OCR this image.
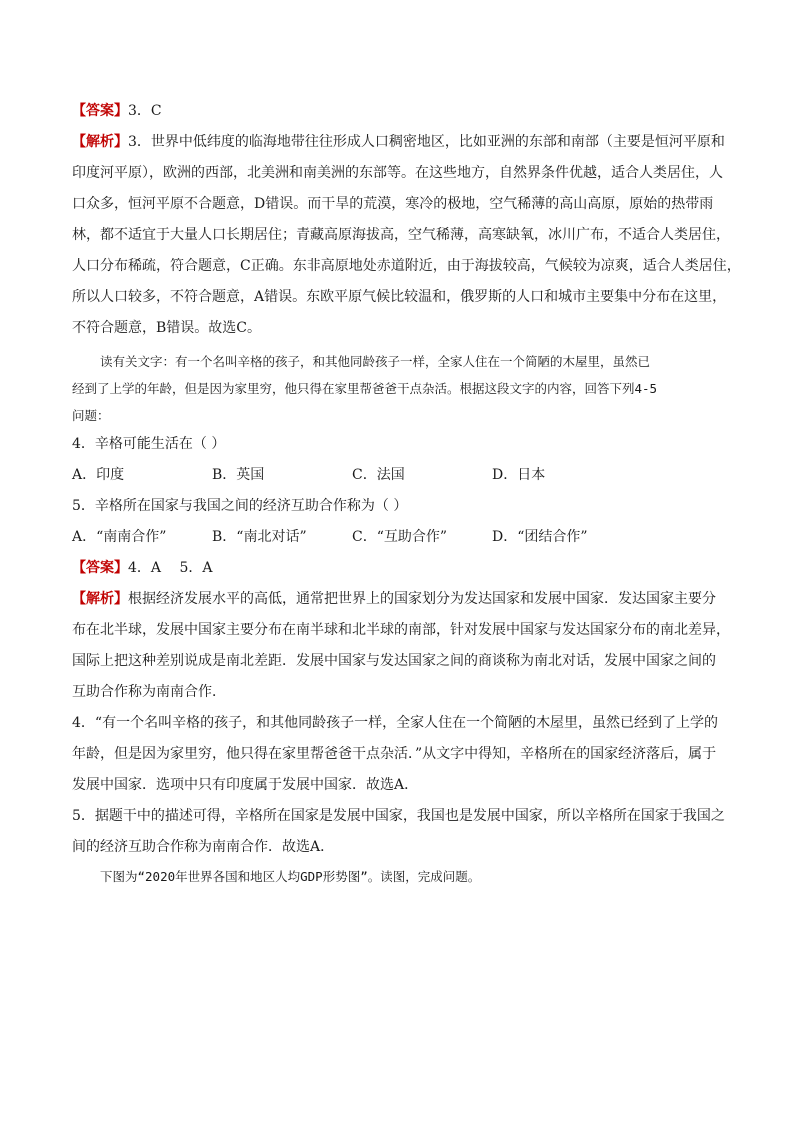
【答案】3．C
【解析】3．世界中低纬度的临海地带往往形成人口稠密地区，比如亚洲的东部和南部（主要是恒河平原和
印度河平原），欧洲的西部，北美洲和南美洲的东部等。在这些地方，自然界条件优越，适合人类居住，人
口众多，恒河平原不合题意，D错误。而干旱的荒漠，寒冷的极地，空气稀薄的高山高原，原始的热带雨
林，都不适宜于大量人口长期居住；青藏高原海拔高，空气稀薄，高寒缺氧，冰川广布，不适合人类居住，
人口分布稀疏，符合题意，C正确。东非高原地处赤道附近，由于海拔较高，气候较为凉爽，适合人类居住，
所以人口较多，不符合题意，A错误。东欧平原气候比较温和，俄罗斯的人口和城市主要集中分布在这里，
不符合题意，B错误。故选C。
读有关文字：有一个名叫辛格的孩子，和其他同龄孩子一样，全家人住在一个简陋的木屋里，虽然已
经到了上学的年龄，但是因为家里穷，他只得在家里帮爸爸干点杂活。根据这段文字的内容，回答下列4-5
问题：
4．辛格可能生活在（ ）
A．印度	B．英国	C．法国	D．日本
5．辛格所在国家与我国之间的经济互助合作称为（ ）
A．“南南合作”	B．“南北对话”	C．“互助合作”	D．“团结合作”
【答案】4．A　 5．A
【解析】根据经济发展水平的高低，通常把世界上的国家划分为发达国家和发展中国家．发达国家主要分
布在北半球，发展中国家主要分布在南半球和北半球的南部，针对发展中国家与发达国家分布的南北差异，
国际上把这种差别说成是南北差距．发展中国家与发达国家之间的商谈称为南北对话，发展中国家之间的
互助合作称为南南合作．
4．“有一个名叫辛格的孩子，和其他同龄孩子一样，全家人住在一个简陋的木屋里，虽然已经到了上学的
年龄，但是因为家里穷，他只得在家里帮爸爸干点杂活．”从文字中得知，辛格所在的国家经济落后，属于
发展中国家．选项中只有印度属于发展中国家．故选A．
5．据题干中的描述可得，辛格所在国家是发展中国家，我国也是发展中国家，所以辛格所在国家于我国之
间的经济互助合作称为南南合作．故选A．
下图为“2020年世界各国和地区人均GDP形势图”。读图，完成问题。
